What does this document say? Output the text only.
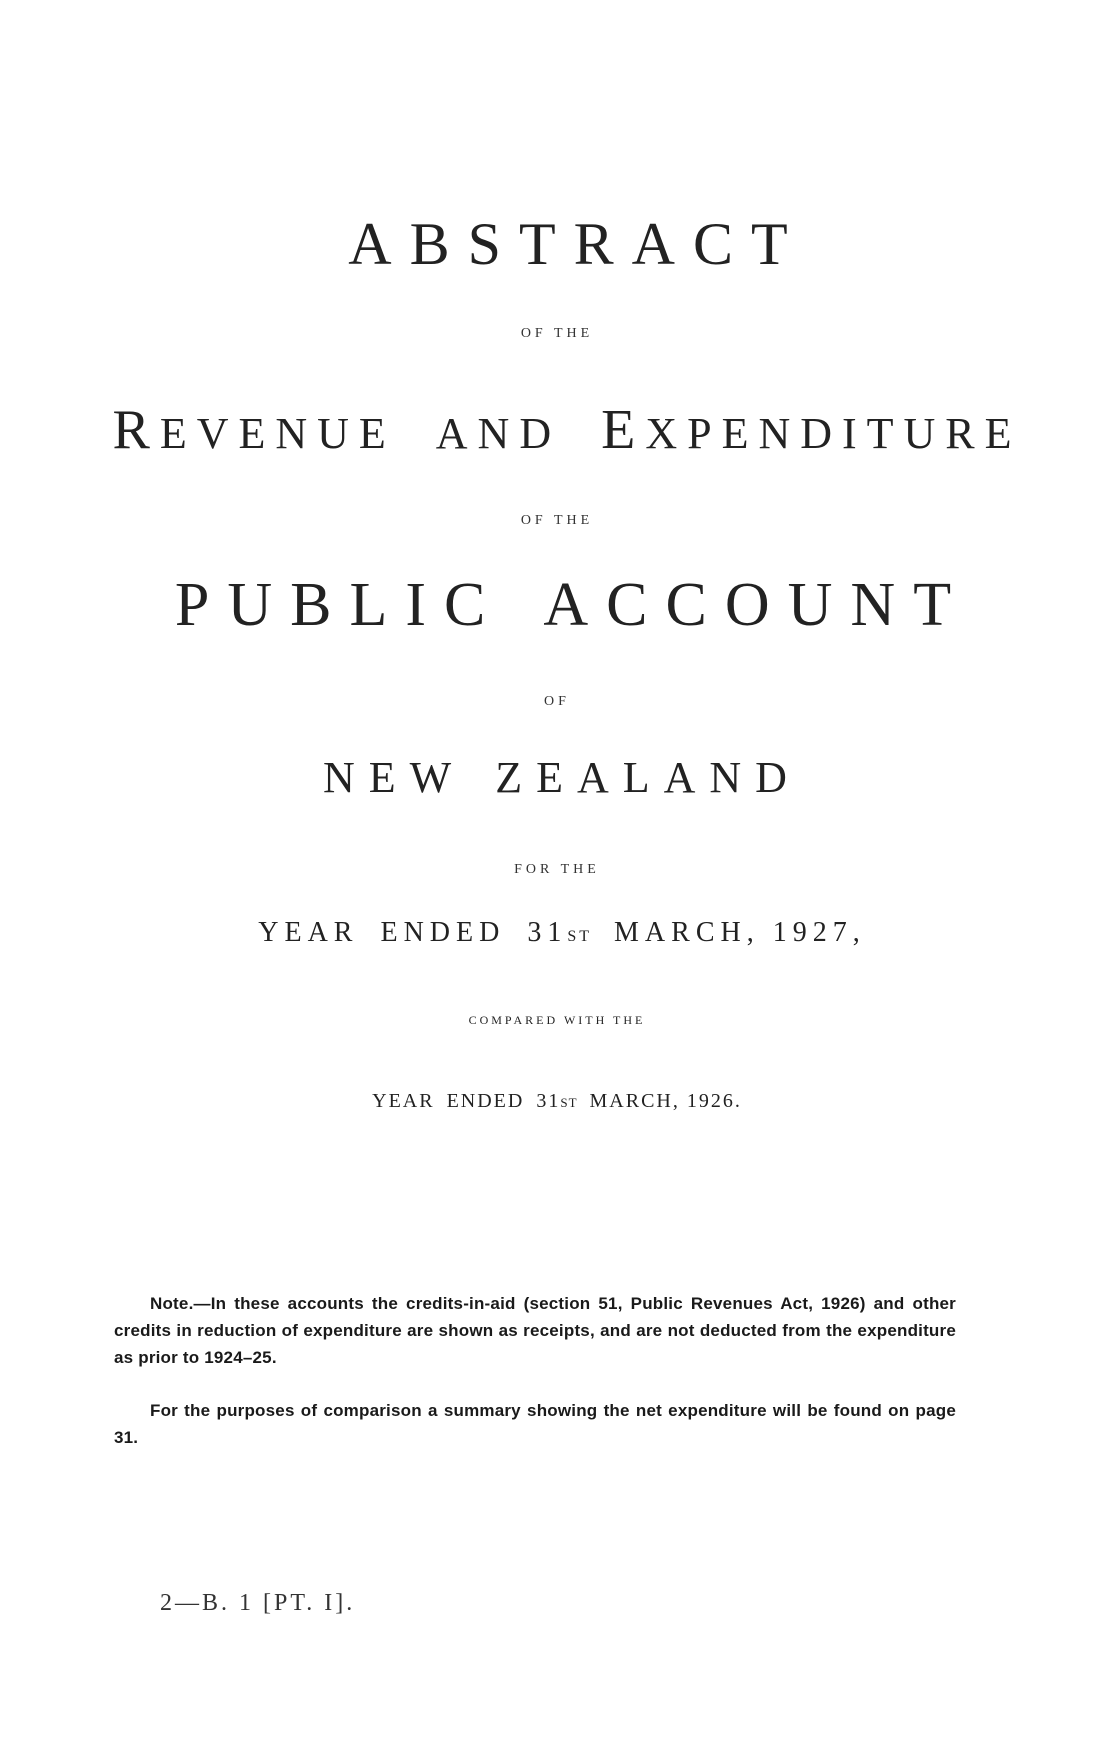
ABSTRACT
OF THE
REVENUE AND EXPENDITURE
OF THE
PUBLIC ACCOUNT
OF
NEW ZEALAND
FOR THE
YEAR ENDED 31ST MARCH, 1927,
COMPARED WITH THE
YEAR ENDED 31ST MARCH, 1926.

Note.—In these accounts the credits-in-aid (section 51, Public Revenues Act, 1926) and other credits in reduction of expenditure are shown as receipts, and are not deducted from the expenditure as prior to 1924–25.

For the purposes of comparison a summary showing the net expenditure will be found on page 31.

2—B. 1 [PT. I].
